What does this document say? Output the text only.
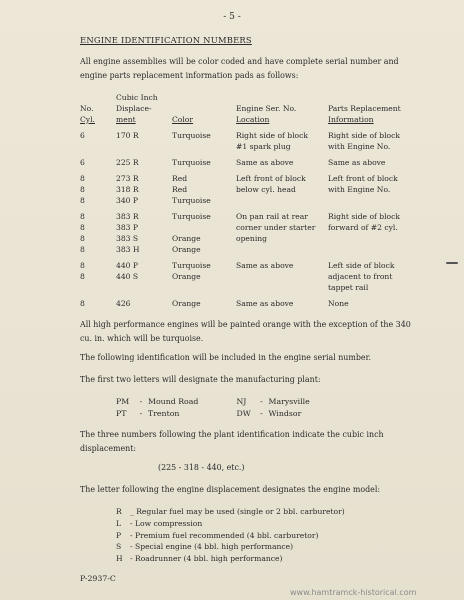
- 5 -
ENGINE IDENTIFICATION NUMBERS
All engine assemblies will be color coded and have complete serial number and engine parts replacement information pads as follows:
	Cubic Inch			
No.	Displace-		Engine Ser. No.	Parts Replacement
Cyl.	ment	Color	Location	Information

6	170 R	Turquoise	Right side of block	Right side of block
			#1 spark plug	with Engine No.

6	225 R	Turquoise	Same as above	Same as above

8	273 R	Red	Left front of block	Left front of block
8	318 R	Red	below cyl. head	with Engine No.
8	340 P	Turquoise		

8	383 R	Turquoise	On pan rail at rear	Right side of block
8	383 P		corner under starter	forward of #2 cyl.
8	383 S	Orange	opening	
8	383 H	Orange		

8	440 P	Turquoise	Same as above	Left side of block
8	440 S	Orange		adjacent to front
				tappet rail

8	426	Orange	Same as above	None
All high performance engines will be painted orange with the exception of the 340 cu. in. which will be turquoise.
The following identification will be included in the engine serial number.
The first two letters will designate the manufacturing plant:
PM - Mound Road
PT - Trenton

NJ - Marysville
DW - Windsor
The three numbers following the plant identification indicate the cubic inch displacement:
(225 - 318 - 440, etc.)
The letter following the engine displacement designates the engine model:
R _ Regular fuel may be used (single or 2 bbl. carburetor)
L - Low compression
P - Premium fuel recommended (4 bbl. carburetor)
S - Special engine (4 bbl. high performance)
H - Roadrunner (4 bbl. high performance)
P-2937-C
www.hamtramck-historical.com
